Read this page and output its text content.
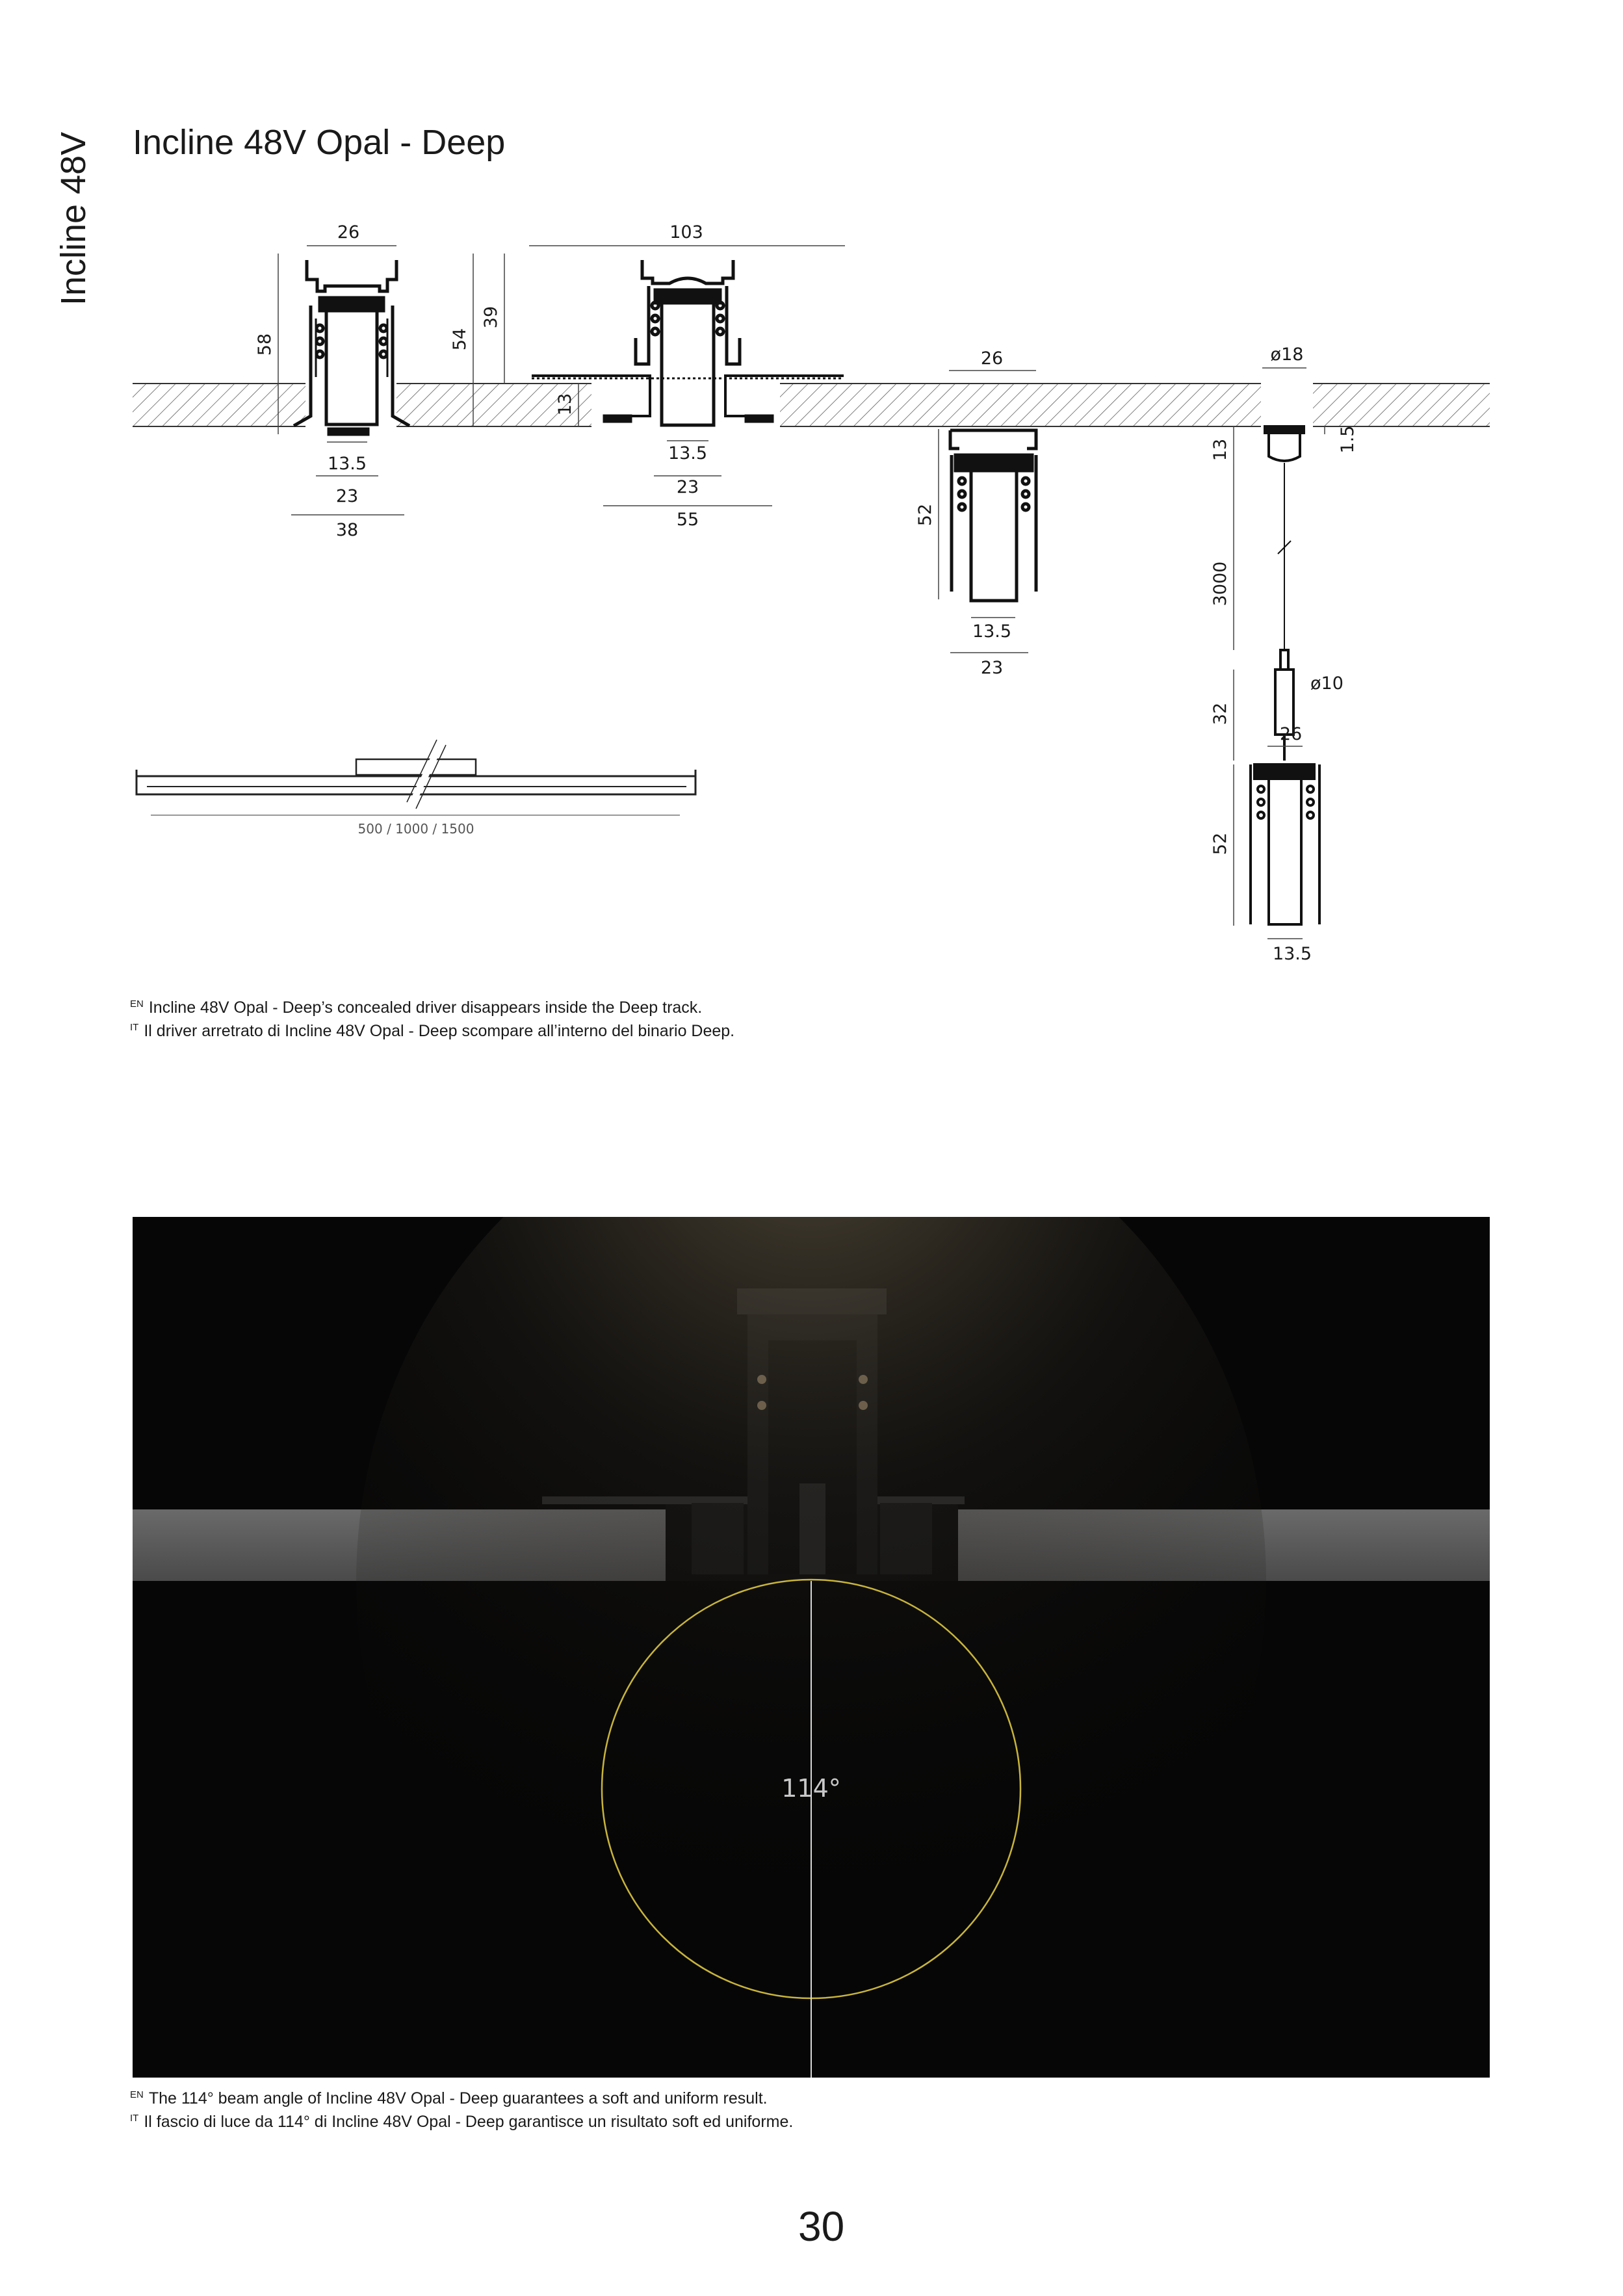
Incline 48V Incline 48V Opal - Deep
26
58
13.5
23
38
103
54
39
13
13.5
23
55
26
52
13.5
23
ø18
1.5
13
3000
ø10
32
26
52
13.5
500 / 1000 / 1500
$^{EN}$ Incline 48V Opal - Deep’s concealed driver disappears inside the Deep track.
$^{IT}$ Il driver arretrato di Incline 48V Opal - Deep scompare all’interno del binario Deep.
114°
$^{EN}$ The 114° beam angle of Incline 48V Opal - Deep guarantees a soft and uniform result.
$^{IT}$ Il fascio di luce da 114° di Incline 48V Opal - Deep garantisce un risultato soft ed uniforme.
30
